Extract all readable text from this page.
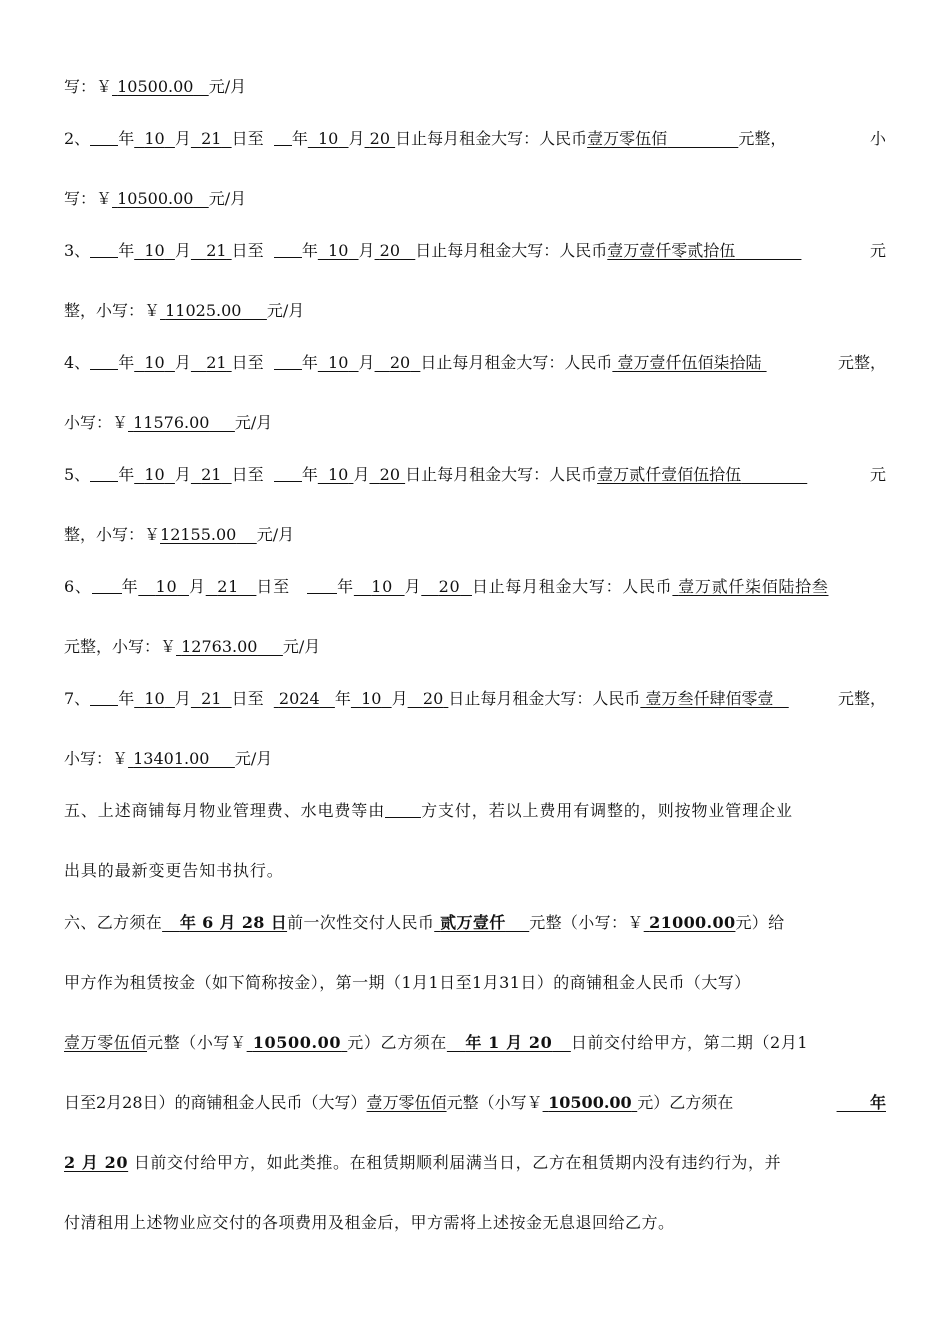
写：￥ 10500.00 元/月
2、 年 10 月 21 日至 年 10 月 20 日止每月租金大写：人民币壹万零伍佰	元整，	小
写：￥ 10500.00 元/月
3、 年 10 月 21 日至 年 10 月 20 日止每月租金大写：人民币壹万壹仟零贰拾伍	元
整，小写：￥ 11025.00 元/月
4、 年 10 月 21 日至 年 10 月 20 日止每月租金大写：人民币 壹万壹仟伍佰柒拾陆	元整，
小写：￥ 11576.00 元/月
5、 年 10 月 21 日至 年 10 月 20 日止每月租金大写：人民币壹万贰仟壹佰伍拾伍	元
整，小写：￥12155.00 元/月
6、 年 10 月 21 日至	年 10 月 20 日止每月租金大写：人民币 壹万贰仟柒佰陆拾叁
元整，小写：￥ 12763.00 元/月
7、 年 10 月 21 日至 2024 年 10 月 20 日止每月租金大写：人民币 壹万叁仟肆佰零壹	元整，
小写：￥ 13401.00 元/月
五、上述商铺每月物业管理费、水电费等由 方支付，若以上费用有调整的，则按物业管理企业
出具的最新变更告知书执行。
六、乙方须在 年 6 月 28 日前一次性交付人民币 贰万壹仟 元整（小写：￥ 21000.00元）给
甲方作为租赁按金（如下简称按金），第一期（1月1日至1月31日）的商铺租金人民币（大写）
壹万零伍佰元整（小写￥ 10500.00 元）乙方须在 年 1 月 20 日前交付给甲方，第二期（2月1
日至2月28日）的商铺租金人民币（大写）壹万零伍佰元整（小写￥ 10500.00 元）乙方须在	年
2 月 20 日前交付给甲方，如此类推。在租赁期顺利届满当日，乙方在租赁期内没有违约行为，并
付清租用上述物业应交付的各项费用及租金后，甲方需将上述按金无息退回给乙方。
